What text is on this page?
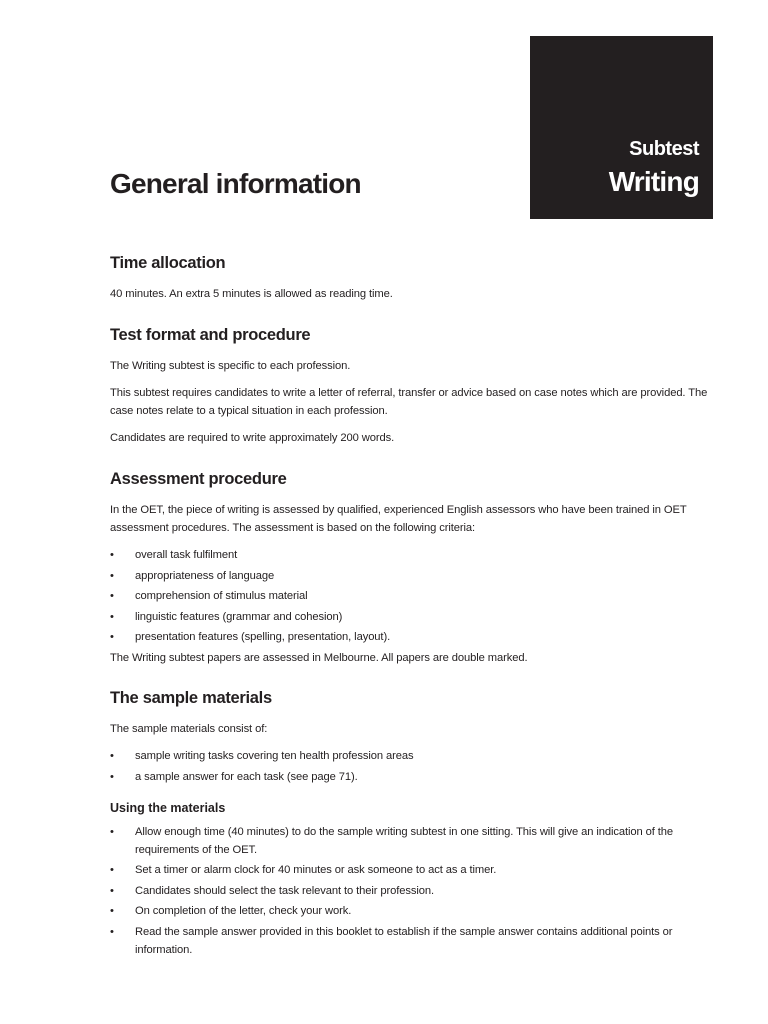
Subtest
Writing
General information
Time allocation

40 minutes. An extra 5 minutes is allowed as reading time.

Test format and procedure

The Writing subtest is specific to each profession.

This subtest requires candidates to write a letter of referral, transfer or advice based on case notes which are provided. The case notes relate to a typical situation in each profession.

Candidates are required to write approximately 200 words.

Assessment procedure

In the OET, the piece of writing is assessed by qualified, experienced English assessors who have been trained in OET assessment procedures. The assessment is based on the following criteria:

• overall task fulfilment
• appropriateness of language
• comprehension of stimulus material
• linguistic features (grammar and cohesion)
• presentation features (spelling, presentation, layout).

The Writing subtest papers are assessed in Melbourne. All papers are double marked.

The sample materials

The sample materials consist of:

• sample writing tasks covering ten health profession areas
• a sample answer for each task (see page 71).
Using the materials
• Allow enough time (40 minutes) to do the sample writing subtest in one sitting. This will give an indication of the requirements of the OET.
• Set a timer or alarm clock for 40 minutes or ask someone to act as a timer.
• Candidates should select the task relevant to their profession.
• On completion of the letter, check your work.
• Read the sample answer provided in this booklet to establish if the sample answer contains additional points or information.
